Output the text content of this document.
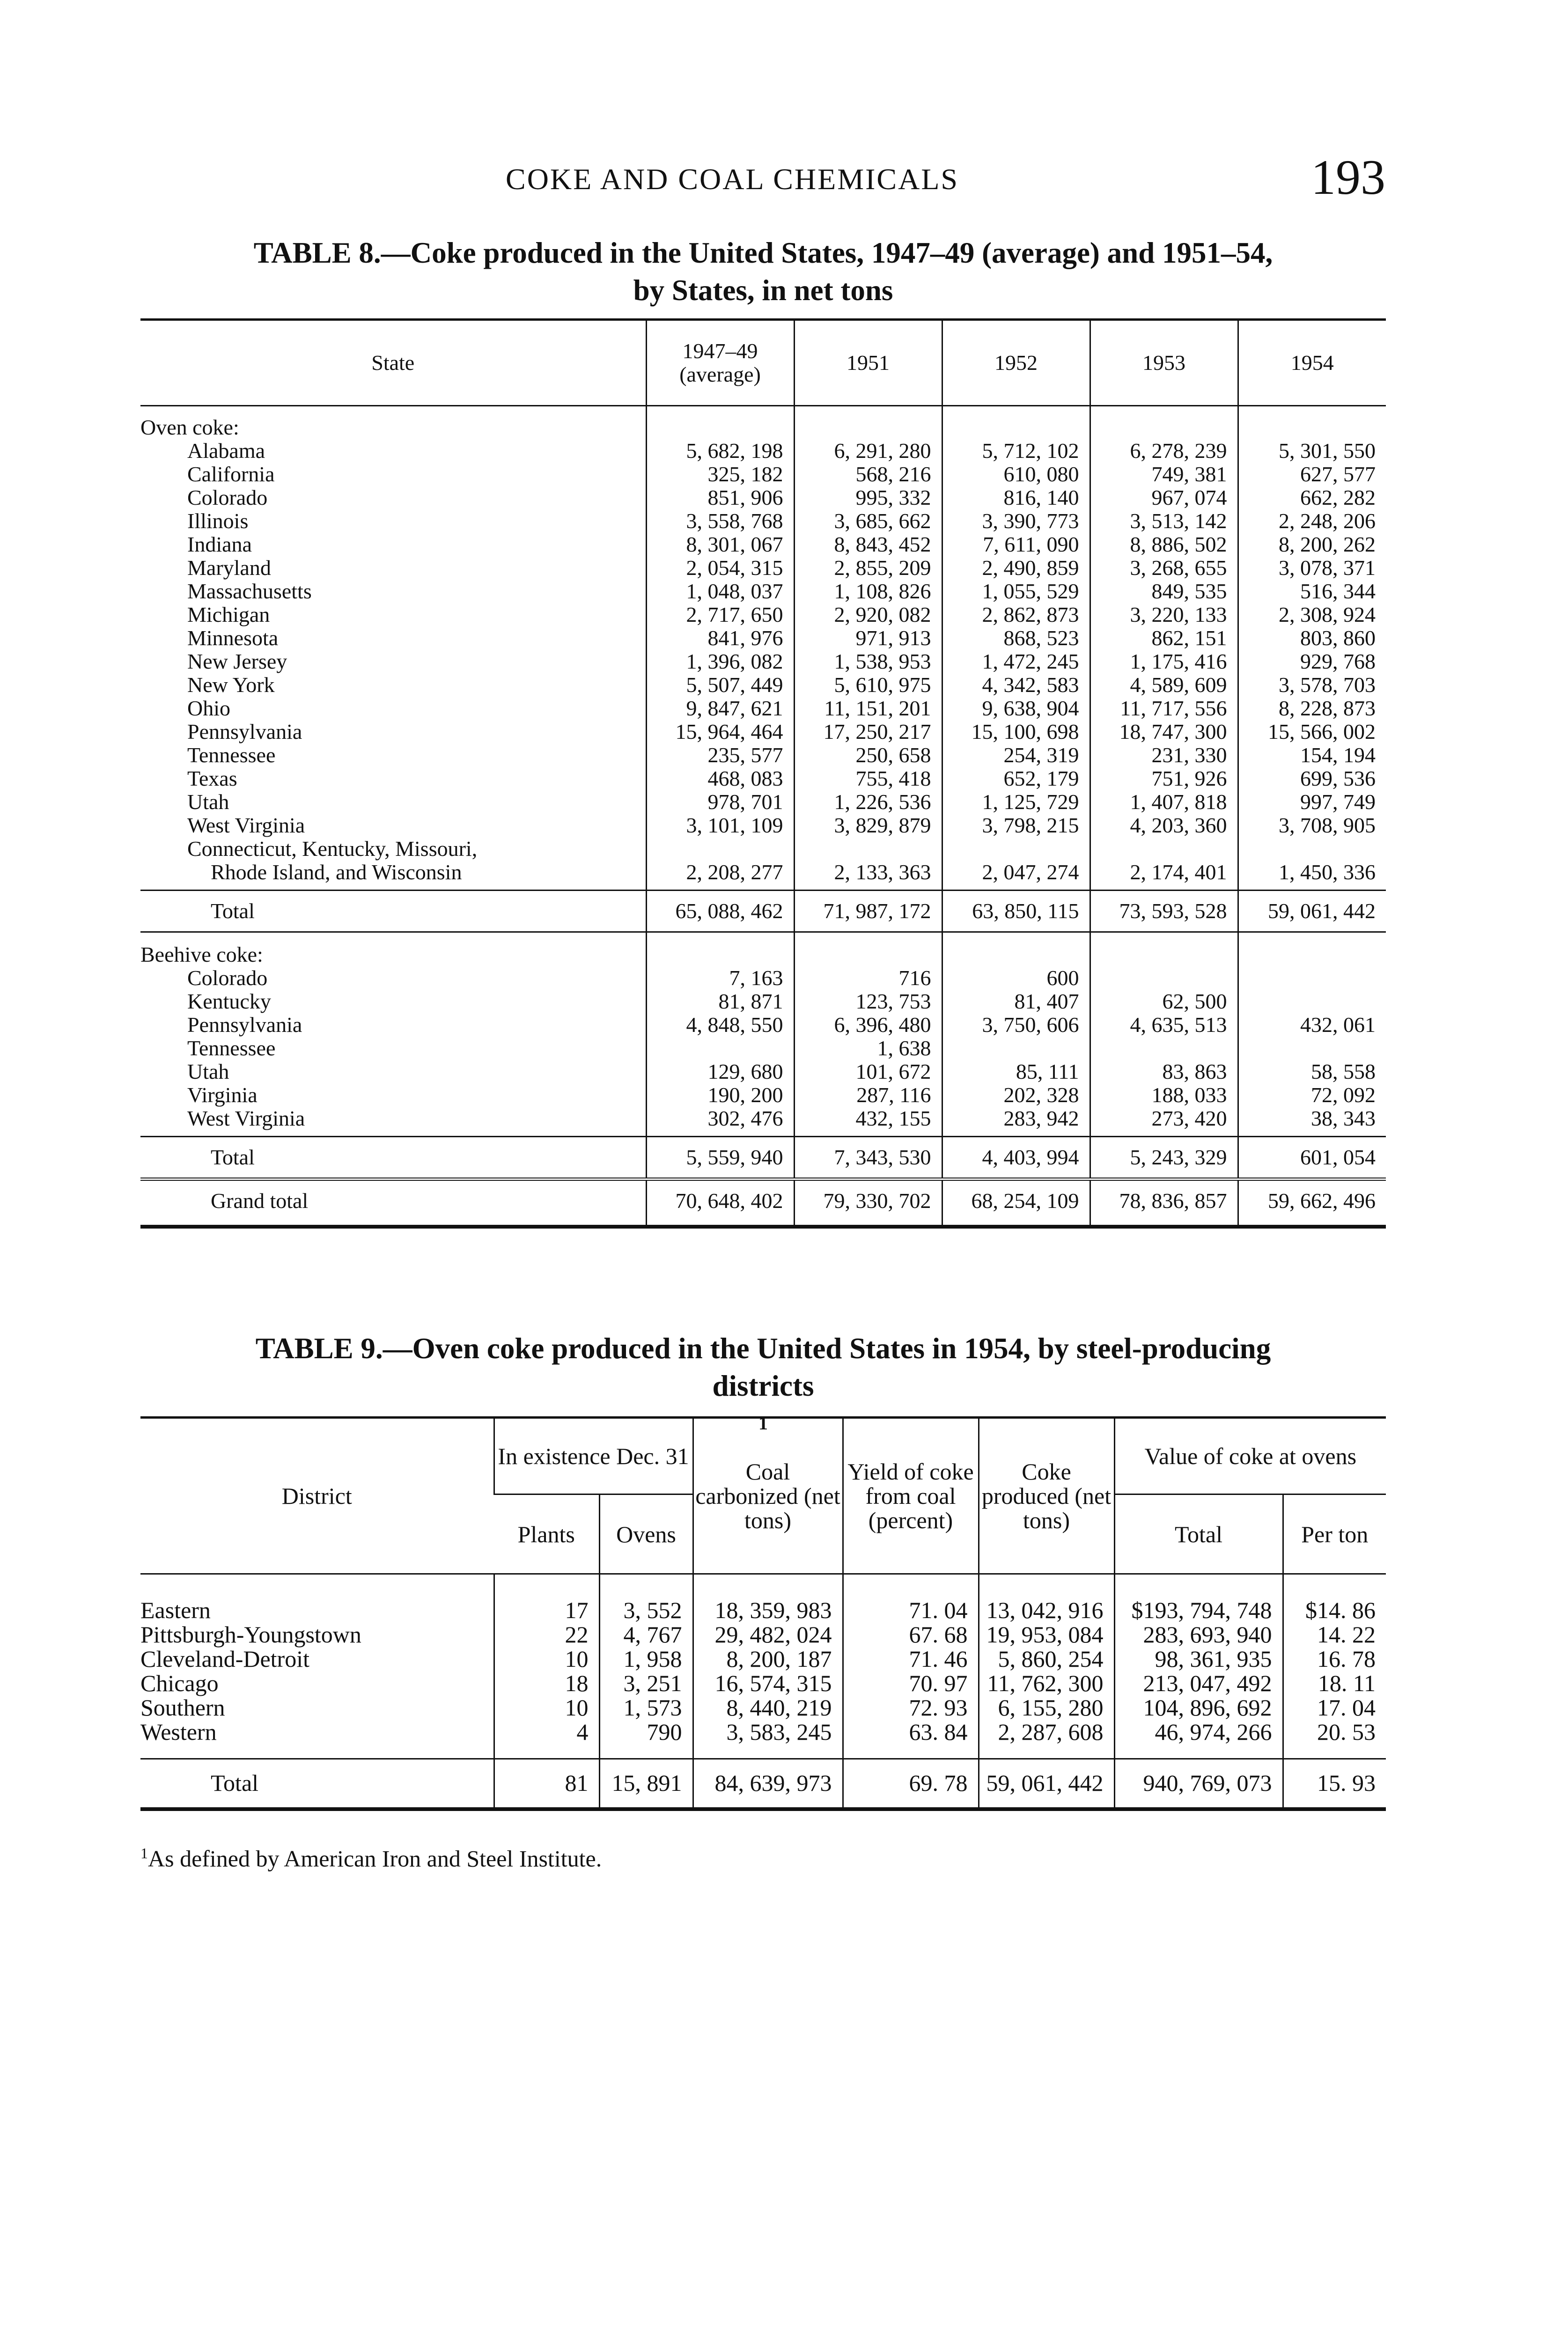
COKE AND COAL CHEMICALS	193
TABLE 8.—Coke produced in the United States, 1947–49 (average) and 1951–54,
by States, in net tons
State	1947–49 (average)	1951	1952	1953	1954

Oven coke:					
Alabama	5, 682, 198	6, 291, 280	5, 712, 102	6, 278, 239	5, 301, 550
California	325, 182	568, 216	610, 080	749, 381	627, 577
Colorado	851, 906	995, 332	816, 140	967, 074	662, 282
Illinois	3, 558, 768	3, 685, 662	3, 390, 773	3, 513, 142	2, 248, 206
Indiana	8, 301, 067	8, 843, 452	7, 611, 090	8, 886, 502	8, 200, 262
Maryland	2, 054, 315	2, 855, 209	2, 490, 859	3, 268, 655	3, 078, 371
Massachusetts	1, 048, 037	1, 108, 826	1, 055, 529	849, 535	516, 344
Michigan	2, 717, 650	2, 920, 082	2, 862, 873	3, 220, 133	2, 308, 924
Minnesota	841, 976	971, 913	868, 523	862, 151	803, 860
New Jersey	1, 396, 082	1, 538, 953	1, 472, 245	1, 175, 416	929, 768
New York	5, 507, 449	5, 610, 975	4, 342, 583	4, 589, 609	3, 578, 703
Ohio	9, 847, 621	11, 151, 201	9, 638, 904	11, 717, 556	8, 228, 873
Pennsylvania	15, 964, 464	17, 250, 217	15, 100, 698	18, 747, 300	15, 566, 002
Tennessee	235, 577	250, 658	254, 319	231, 330	154, 194
Texas	468, 083	755, 418	652, 179	751, 926	699, 536
Utah	978, 701	1, 226, 536	1, 125, 729	1, 407, 818	997, 749
West Virginia	3, 101, 109	3, 829, 879	3, 798, 215	4, 203, 360	3, 708, 905
Connecticut, Kentucky, Missouri,					
Rhode Island, and Wisconsin	2, 208, 277	2, 133, 363	2, 047, 274	2, 174, 401	1, 450, 336
Total	65, 088, 462	71, 987, 172	63, 850, 115	73, 593, 528	59, 061, 442
Beehive coke:					
Colorado	7, 163	716	600		
Kentucky	81, 871	123, 753	81, 407	62, 500	
Pennsylvania	4, 848, 550	6, 396, 480	3, 750, 606	4, 635, 513	432, 061
Tennessee		1, 638			
Utah	129, 680	101, 672	85, 111	83, 863	58, 558
Virginia	190, 200	287, 116	202, 328	188, 033	72, 092
West Virginia	302, 476	432, 155	283, 942	273, 420	38, 343
Total	5, 559, 940	7, 343, 530	4, 403, 994	5, 243, 329	601, 054
Grand total	70, 648, 402	79, 330, 702	68, 254, 109	78, 836, 857	59, 662, 496
TABLE 9.—Oven coke produced in the United States in 1954, by steel-producing
districts
1
District	In existence Dec. 31		Coal carbonized (net tons)	Yield of coke from coal (percent)	Coke produced (net tons)	Value of coke at ovens	
	Plants	Ovens				Total	Per ton
Eastern	17	3, 552	18, 359, 983	71. 04	13, 042, 916	$193, 794, 748	$14. 86
Pittsburgh-Youngstown	22	4, 767	29, 482, 024	67. 68	19, 953, 084	283, 693, 940	14. 22
Cleveland-Detroit	10	1, 958	8, 200, 187	71. 46	5, 860, 254	98, 361, 935	16. 78
Chicago	18	3, 251	16, 574, 315	70. 97	11, 762, 300	213, 047, 492	18. 11
Southern	10	1, 573	8, 440, 219	72. 93	6, 155, 280	104, 896, 692	17. 04
Western	4	790	3, 583, 245	63. 84	2, 287, 608	46, 974, 266	20. 53
Total	81	15, 891	84, 639, 973	69. 78	59, 061, 442	940, 769, 073	15. 93
$^1$As defined by American Iron and Steel Institute.
